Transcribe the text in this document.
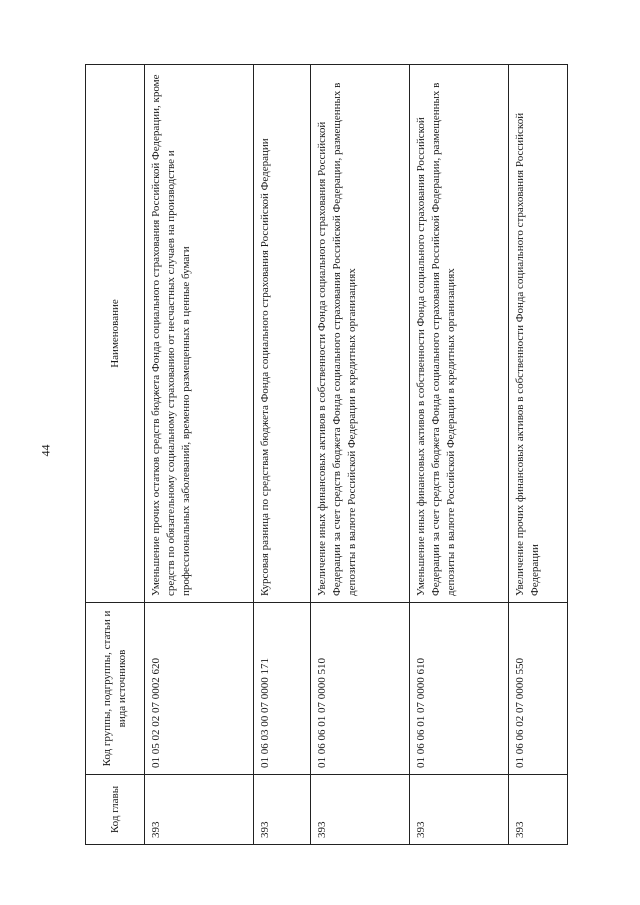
44
Код главы	Код группы, подгруппы, статьи и вида источников	Наименование
393	01 05 02 02 07 0002 620	Уменьшение прочих остатков средств бюджета Фонда социального страхования Российской Федерации, кроме средств по обязательному социальному страхованию от несчастных случаев на производстве и профессиональных заболеваний, временно размещенных в ценные бумаги
393	01 06 03 00 07 0000 171	Курсовая разница по средствам бюджета Фонда социального страхования Российской Федерации
393	01 06 06 01 07 0000 510	Увеличение иных финансовых активов в собственности Фонда социального страхования Российской Федерации за счет средств бюджета Фонда социального страхования Российской Федерации, размещенных в депозиты в валюте Российской Федерации в кредитных организациях
393	01 06 06 01 07 0000 610	Уменьшение иных финансовых активов в собственности Фонда социального страхования Российской Федерации за счет средств бюджета Фонда социального страхования Российской Федерации, размещенных в депозиты в валюте Российской Федерации в кредитных организациях
393	01 06 06 02 07 0000 550	Увеличение прочих финансовых активов в собственности Фонда социального страхования Российской Федерации
